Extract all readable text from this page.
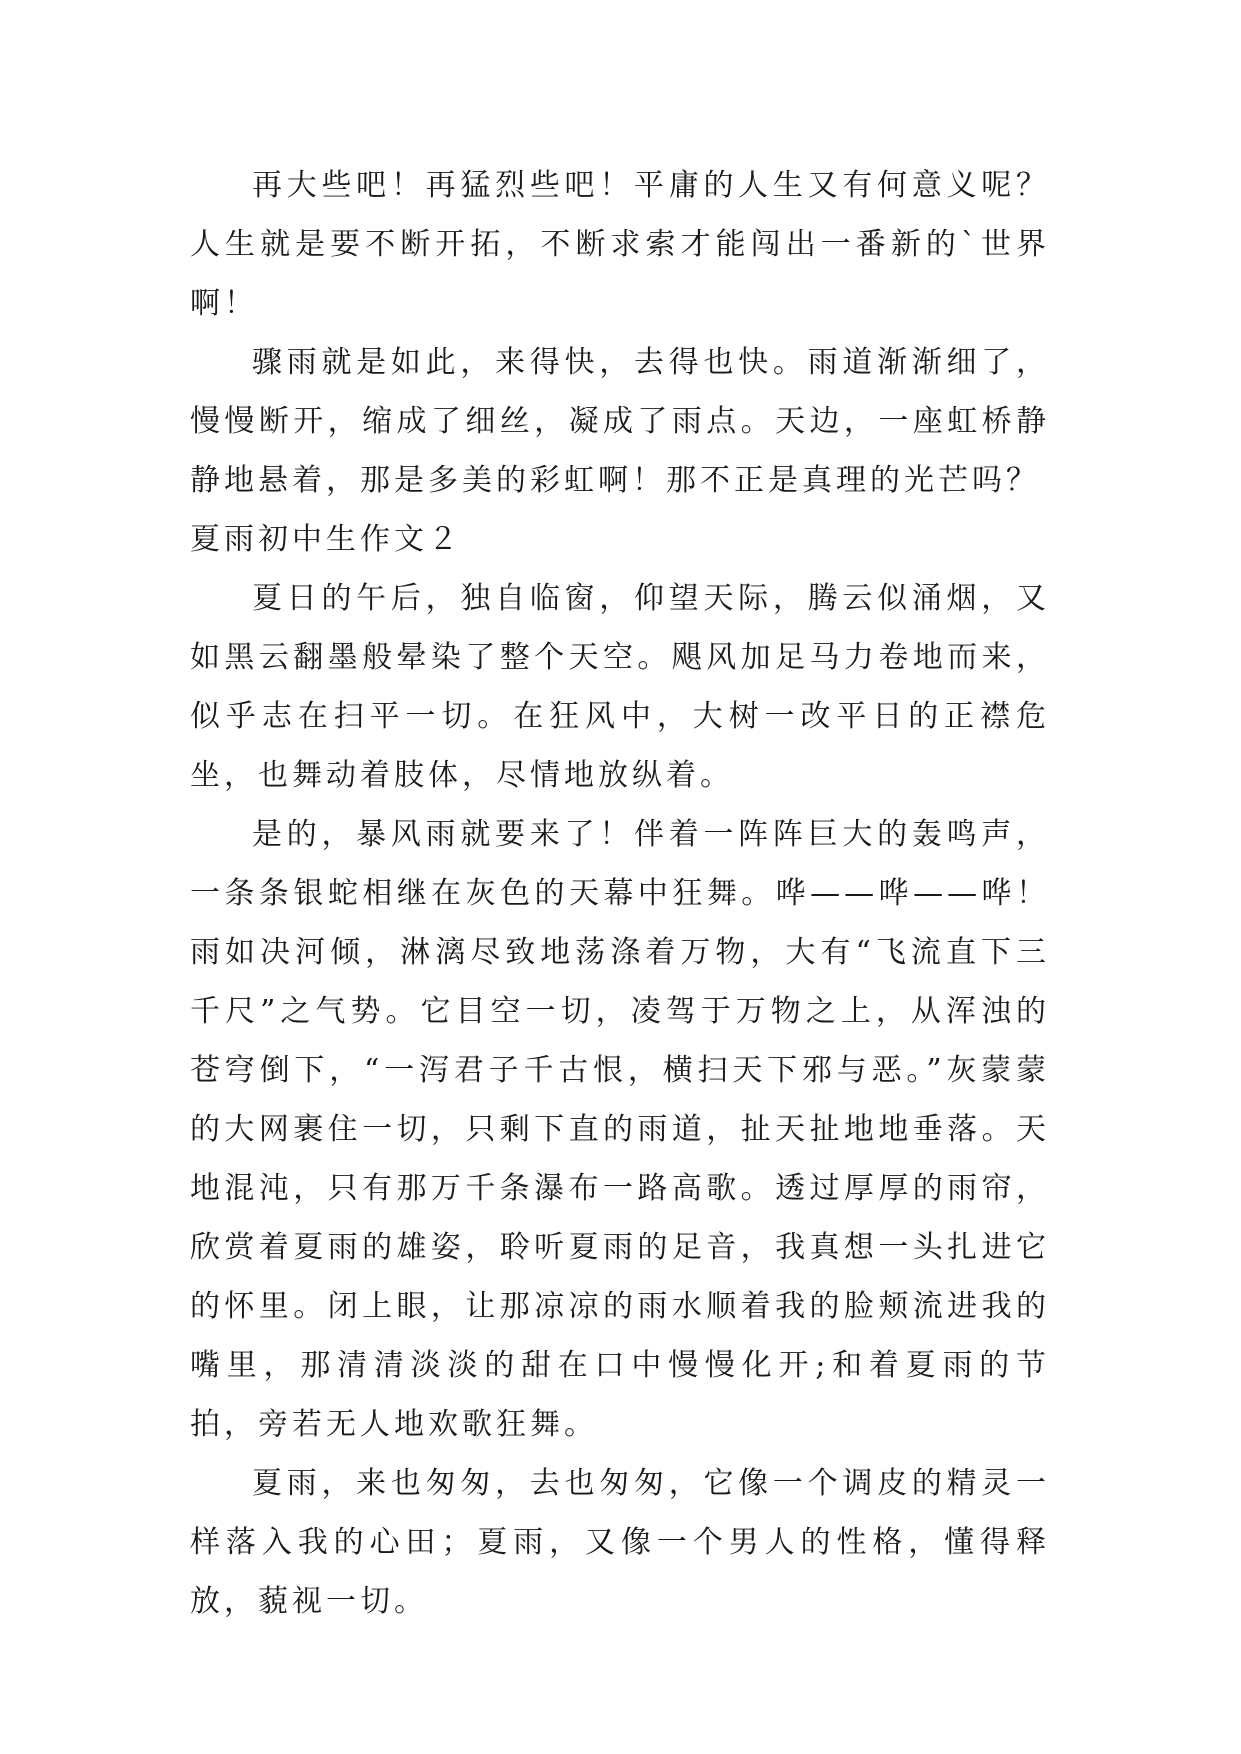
再大些吧！再猛烈些吧！平庸的人生又有何意义呢？人生就是要不断开拓，不断求索才能闯出一番新的`世界啊！

骤雨就是如此，来得快，去得也快。雨道渐渐细了，慢慢断开，缩成了细丝，凝成了雨点。天边，一座虹桥静静地悬着，那是多美的彩虹啊！那不正是真理的光芒吗？

夏雨初中生作文２

夏日的午后，独自临窗，仰望天际，腾云似涌烟，又如黑云翻墨般晕染了整个天空。飓风加足马力卷地而来，似乎志在扫平一切。在狂风中，大树一改平日的正襟危坐，也舞动着肢体，尽情地放纵着。

是的，暴风雨就要来了！伴着一阵阵巨大的轰鸣声，一条条银蛇相继在灰色的天幕中狂舞。哗——哗——哗！雨如决河倾，淋漓尽致地荡涤着万物，大有“飞流直下三千尺”之气势。它目空一切，凌驾于万物之上，从浑浊的苍穹倒下，“一泻君子千古恨，横扫天下邪与恶。”灰蒙蒙的大网裹住一切，只剩下直的雨道，扯天扯地地垂落。天地混沌，只有那万千条瀑布一路高歌。透过厚厚的雨帘，欣赏着夏雨的雄姿，聆听夏雨的足音，我真想一头扎进它的怀里。闭上眼，让那凉凉的雨水顺着我的脸颊流进我的嘴里，那清清淡淡的甜在口中慢慢化开;和着夏雨的节拍，旁若无人地欢歌狂舞。

夏雨，来也匆匆，去也匆匆，它像一个调皮的精灵一样落入我的心田；夏雨，又像一个男人的性格，懂得释放，藐视一切。
